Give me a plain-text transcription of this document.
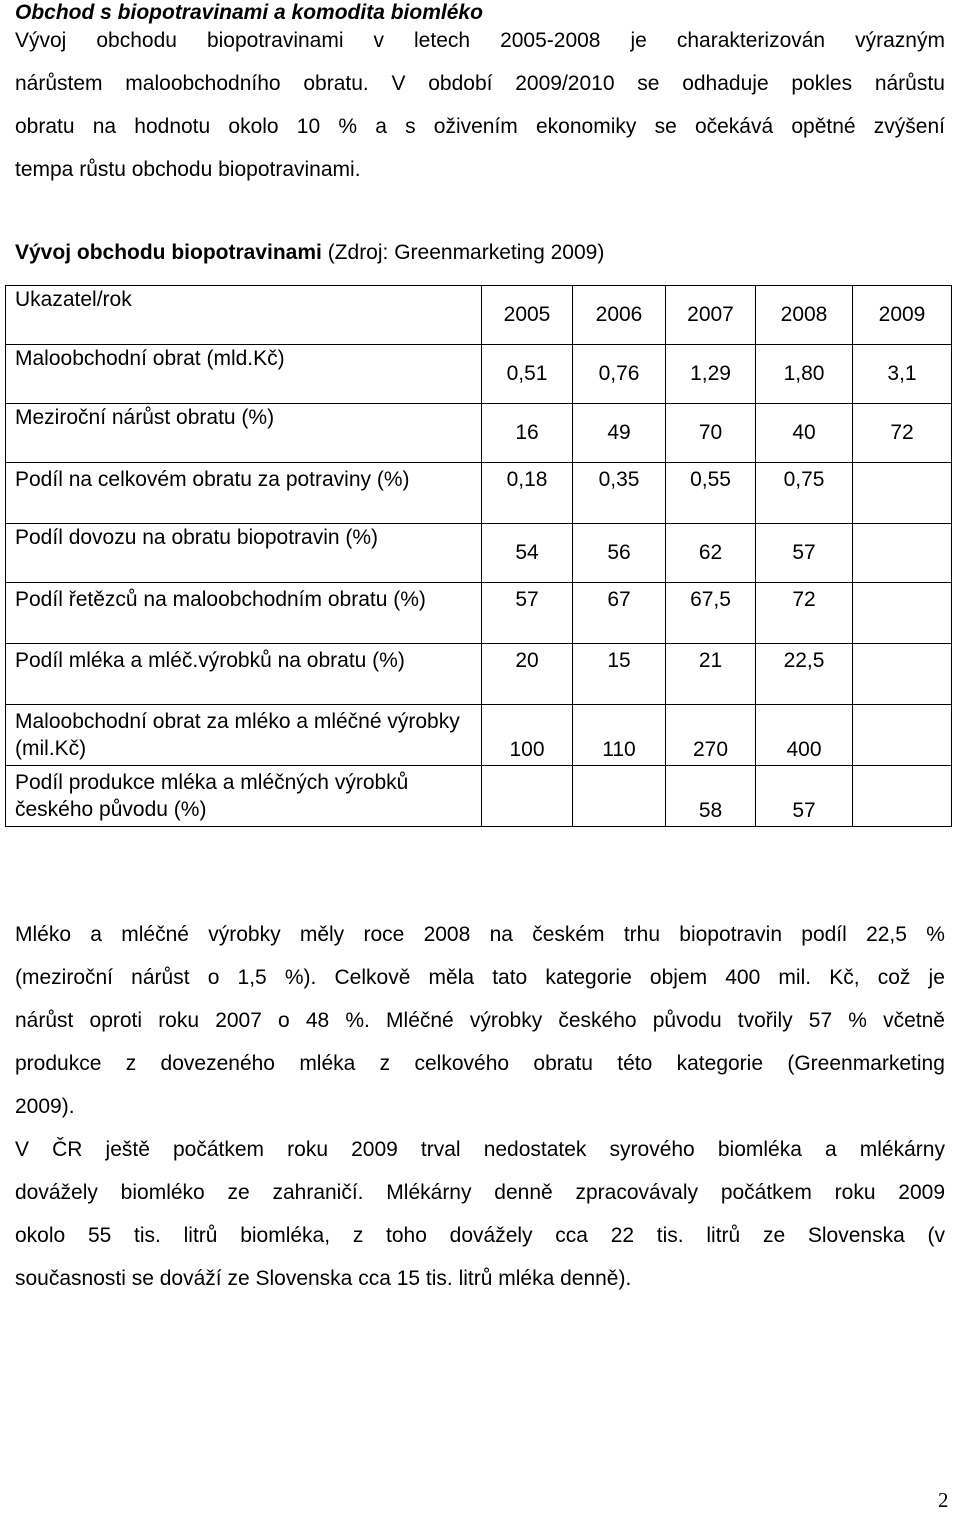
Obchod s biopotravinami a komodita biomléko
Vývoj obchodu biopotravinami v letech 2005-2008 je charakterizován výrazným
nárůstem maloobchodního obratu. V období 2009/2010 se odhaduje pokles nárůstu
obratu na hodnotu okolo 10 % a s oživením ekonomiky se očekává opětné zvýšení
tempa růstu obchodu biopotravinami.
Vývoj obchodu biopotravinami (Zdroj: Greenmarketing 2009)
Ukazatel/rok	2005	2006	2007	2008	2009
Maloobchodní obrat (mld.Kč)	0,51	0,76	1,29	1,80	3,1
Meziroční nárůst obratu (%)	16	49	70	40	72
Podíl na celkovém obratu za potraviny (%)	0,18	0,35	0,55	0,75	
Podíl dovozu na obratu biopotravin (%)	54	56	62	57	
Podíl řetězců na maloobchodním obratu (%)	57	67	67,5	72	
Podíl mléka a mléč.výrobků na obratu (%)	20	15	21	22,5	
Maloobchodní obrat za mléko a mléčné výrobky (mil.Kč)	100	110	270	400	
Podíl produkce mléka a mléčných výrobků českého původu (%)			58	57	
Mléko a mléčné výrobky měly roce 2008 na českém trhu biopotravin podíl 22,5 %
(meziroční nárůst o 1,5 %). Celkově měla tato kategorie objem 400 mil. Kč, což je
nárůst oproti roku 2007 o 48 %. Mléčné výrobky českého původu tvořily 57 % včetně
produkce z dovezeného mléka z celkového obratu této kategorie (Greenmarketing
2009).
V ČR ještě počátkem roku 2009 trval nedostatek syrového biomléka a mlékárny
dovážely biomléko ze zahraničí. Mlékárny denně zpracovávaly počátkem roku 2009
okolo 55 tis. litrů biomléka, z toho dovážely cca 22 tis. litrů ze Slovenska (v
současnosti se dováží ze Slovenska cca 15 tis. litrů mléka denně).
2
